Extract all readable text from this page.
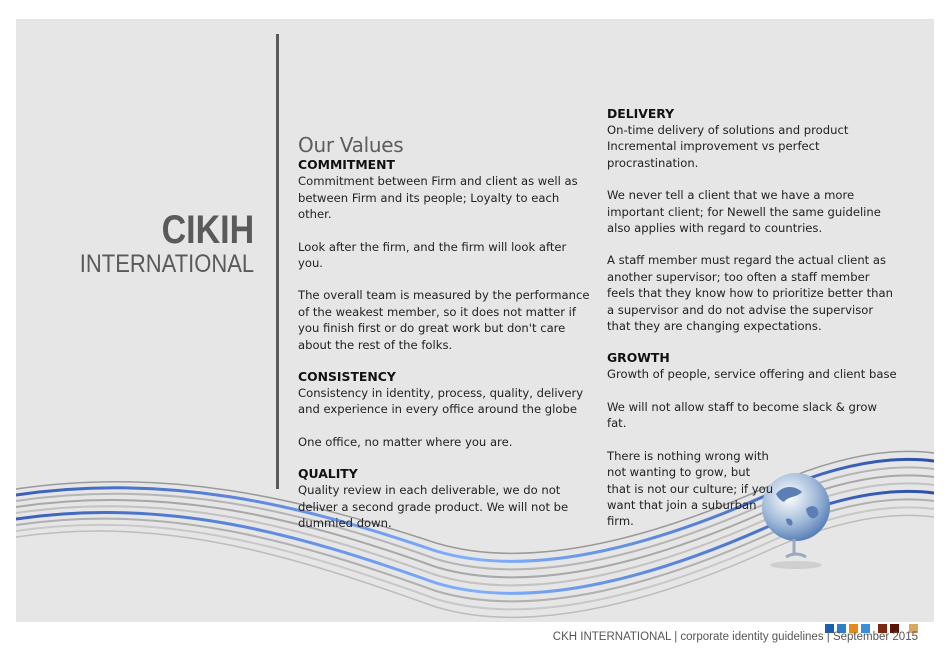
CIKIH
INTERNATIONAL
Our Values
COMMITMENT

Commitment between Firm and client as well as between Firm and its people; Loyalty to each other.

Look after the firm, and the firm will look after you.

The overall team is measured by the performance of the weakest member, so it does not matter if you finish first or do great work but don't care about the rest of the folks.

CONSISTENCY

Consistency in identity, process, quality, delivery and experience in every office around the globe

One office, no matter where you are.

QUALITY

Quality review in each deliverable, we do not deliver a second grade product. We will not be dummied down.

DELIVERY

On-time delivery of solutions and product Incremental improvement vs perfect procrastination.

We never tell a client that we have a more important client; for Newell the same guideline also applies with regard to countries.

A staff member must regard the actual client as another supervisor; too often a staff member feels that they know how to prioritize better than a supervisor and do not advise the supervisor that they are changing expectations.

GROWTH

Growth of people, service offering and client base

We will not allow staff to become slack & grow fat.

There is nothing wrong with not wanting to grow, but that is not our culture; if you want that join a suburban firm.

CKH INTERNATIONAL | corporate identity guidelines | September 2015
